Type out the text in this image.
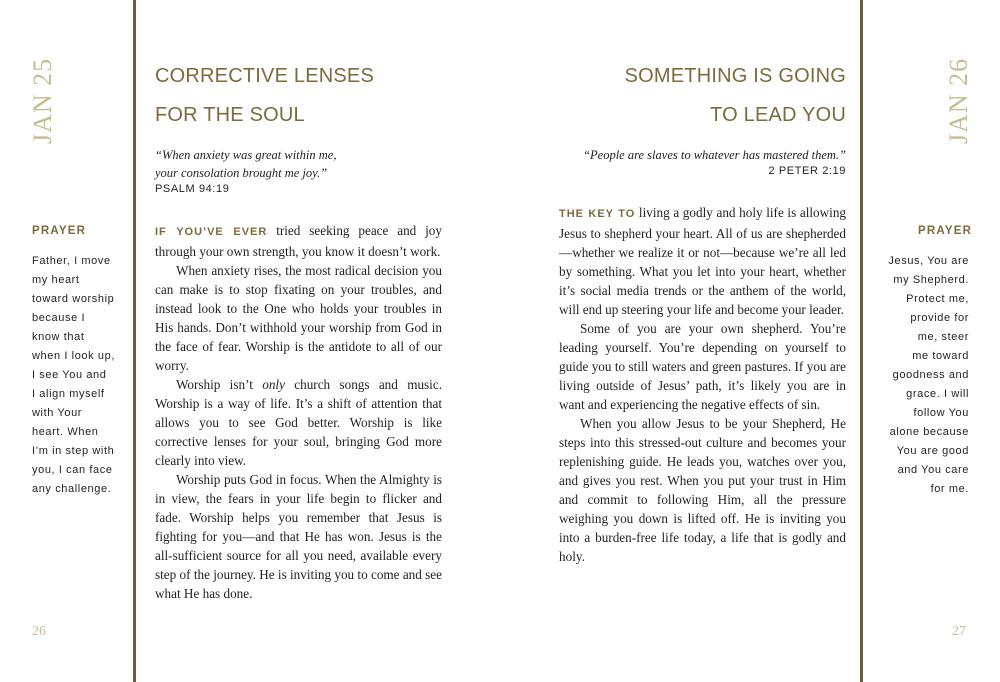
JAN 25
PRAYER
Father, I move
my heart
toward worship
because I
know that
when I look up,
I see You and
I align myself
with Your
heart. When
I’m in step with
you, I can face
any challenge.
26
CORRECTIVE LENSES
FOR THE SOUL
“When anxiety was great within me,
your consolation brought me joy.”
PSALM 94:19

IF YOU’VE EVER tried seeking peace and joy through your own strength, you know it doesn’t work.

When anxiety rises, the most radical decision you can make is to stop fixating on your troubles, and instead look to the One who holds your troubles in His hands. Don’t withhold your worship from God in the face of fear. Worship is the antidote to all of our worry.

Worship isn’t only church songs and music. Worship is a way of life. It’s a shift of attention that allows you to see God better. Worship is like corrective lenses for your soul, bringing God more clearly into view.

Worship puts God in focus. When the Almighty is in view, the fears in your life begin to flicker and fade. Worship helps you remember that Jesus is fighting for you—and that He has won. Jesus is the all-sufficient source for all you need, available every step of the journey. He is inviting you to come and see what He has done.

JAN 26
SOMETHING IS GOING
TO LEAD YOU
“People are slaves to whatever has mastered them.”
2 PETER 2:19

THE KEY TO living a godly and holy life is allowing Jesus to shepherd your heart. All of us are shepherded—whether we realize it or not—because we’re all led by something. What you let into your heart, whether it’s social media trends or the anthem of the world, will end up steering your life and become your leader.

Some of you are your own shepherd. You’re leading yourself. You’re depending on yourself to guide you to still waters and green pastures. If you are living outside of Jesus’ path, it’s likely you are in want and experiencing the negative effects of sin.

When you allow Jesus to be your Shepherd, He steps into this stressed-out culture and becomes your replenishing guide. He leads you, watches over you, and gives you rest. When you put your trust in Him and commit to following Him, all the pressure weighing you down is lifted off. He is inviting you into a burden-free life today, a life that is godly and holy.

PRAYER
Jesus, You are
my Shepherd.
Protect me,
provide for
me, steer
me toward
goodness and
grace. I will
follow You
alone because
You are good
and You care
for me.
27
